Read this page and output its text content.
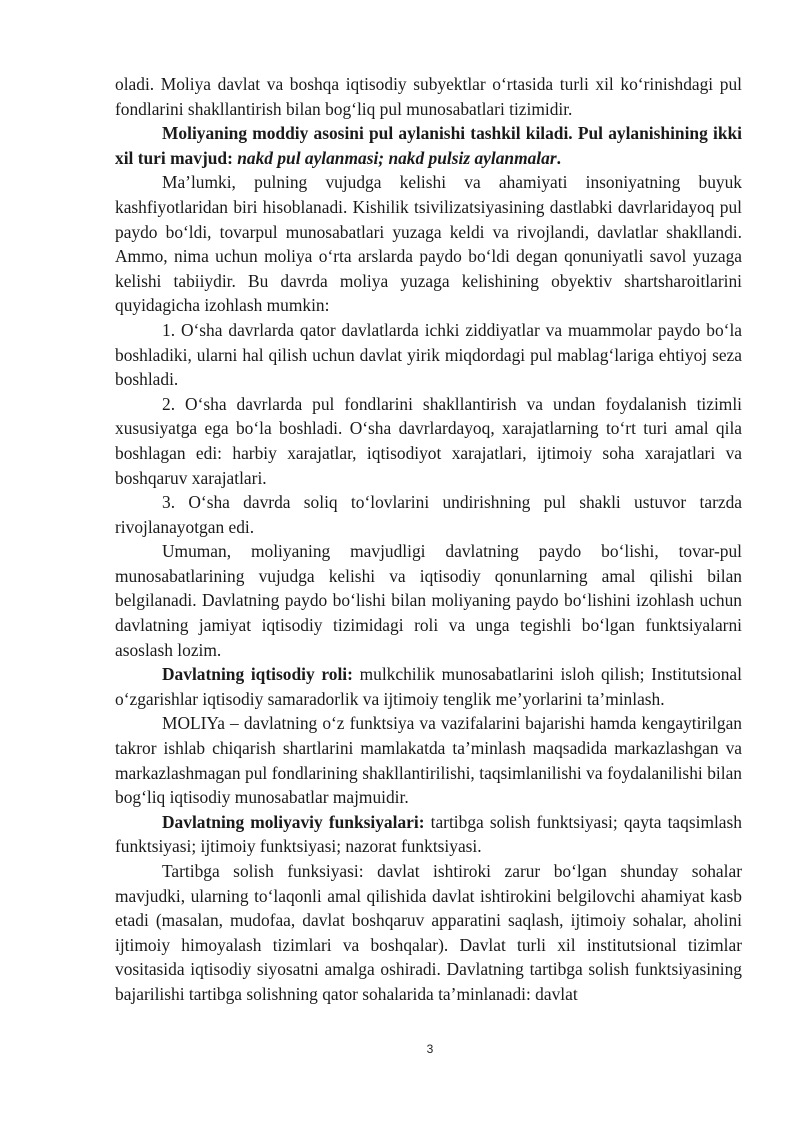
oladi. Moliya davlat va boshqa iqtisodiy subyektlar o‘rtasida turli xil ko‘rinishdagi pul fondlarini shakllantirish bilan bog‘liq pul munosabatlari tizimidir.

Moliyaning moddiy asosini pul aylanishi tashkil kiladi. Pul aylanishining ikki xil turi mavjud: nakd pul aylanmasi; nakd pulsiz aylanmalar.

Ma’lumki, pulning vujudga kelishi va ahamiyati insoniyatning buyuk kashfiyotlaridan biri hisoblanadi. Kishilik tsivilizatsiyasining dastlabki davrlaridayoq pul paydo bo‘ldi, tovarpul munosabatlari yuzaga keldi va rivojlandi, davlatlar shakllandi. Ammo, nima uchun moliya o‘rta arslarda paydo bo‘ldi degan qonuniyatli savol yuzaga kelishi tabiiydir. Bu davrda moliya yuzaga kelishining obyektiv shartsharoitlarini quyidagicha izohlash mumkin:

1. O‘sha davrlarda qator davlatlarda ichki ziddiyatlar va muammolar paydo bo‘la boshladiki, ularni hal qilish uchun davlat yirik miqdordagi pul mablag‘lariga ehtiyoj seza boshladi.

2. O‘sha davrlarda pul fondlarini shakllantirish va undan foydalanish tizimli xususiyatga ega bo‘la boshladi. O‘sha davrlardayoq, xarajatlarning to‘rt turi amal qila boshlagan edi: harbiy xarajatlar, iqtisodiyot xarajatlari, ijtimoiy soha xarajatlari va boshqaruv xarajatlari.

3. O‘sha davrda soliq to‘lovlarini undirishning pul shakli ustuvor tarzda rivojlanayotgan edi.

Umuman, moliyaning mavjudligi davlatning paydo bo‘lishi, tovar-pul munosabatlarining vujudga kelishi va iqtisodiy qonunlarning amal qilishi bilan belgilanadi. Davlatning paydo bo‘lishi bilan moliyaning paydo bo‘lishini izohlash uchun davlatning jamiyat iqtisodiy tizimidagi roli va unga tegishli bo‘lgan funktsiyalarni asoslash lozim.

Davlatning iqtisodiy roli: mulkchilik munosabatlarini isloh qilish; Institutsional o‘zgarishlar iqtisodiy samaradorlik va ijtimoiy tenglik me’yorlarini ta’minlash.

MOLIYa – davlatning o‘z funktsiya va vazifalarini bajarishi hamda kengaytirilgan takror ishlab chiqarish shartlarini mamlakatda ta’minlash maqsadida markazlashgan va markazlashmagan pul fondlarining shakllantirilishi, taqsimlanilishi va foydalanilishi bilan bog‘liq iqtisodiy munosabatlar majmuidir.

Davlatning moliyaviy funksiyalari: tartibga solish funktsiyasi; qayta taqsimlash funktsiyasi; ijtimoiy funktsiyasi; nazorat funktsiyasi.

Tartibga solish funksiyasi: davlat ishtiroki zarur bo‘lgan shunday sohalar mavjudki, ularning to‘laqonli amal qilishida davlat ishtirokini belgilovchi ahamiyat kasb etadi (masalan, mudofaa, davlat boshqaruv apparatini saqlash, ijtimoiy sohalar, aholini ijtimoiy himoyalash tizimlari va boshqalar). Davlat turli xil institutsional tizimlar vositasida iqtisodiy siyosatni amalga oshiradi. Davlatning tartibga solish funktsiyasining bajarilishi tartibga solishning qator sohalarida ta’minlanadi: davlat

3
